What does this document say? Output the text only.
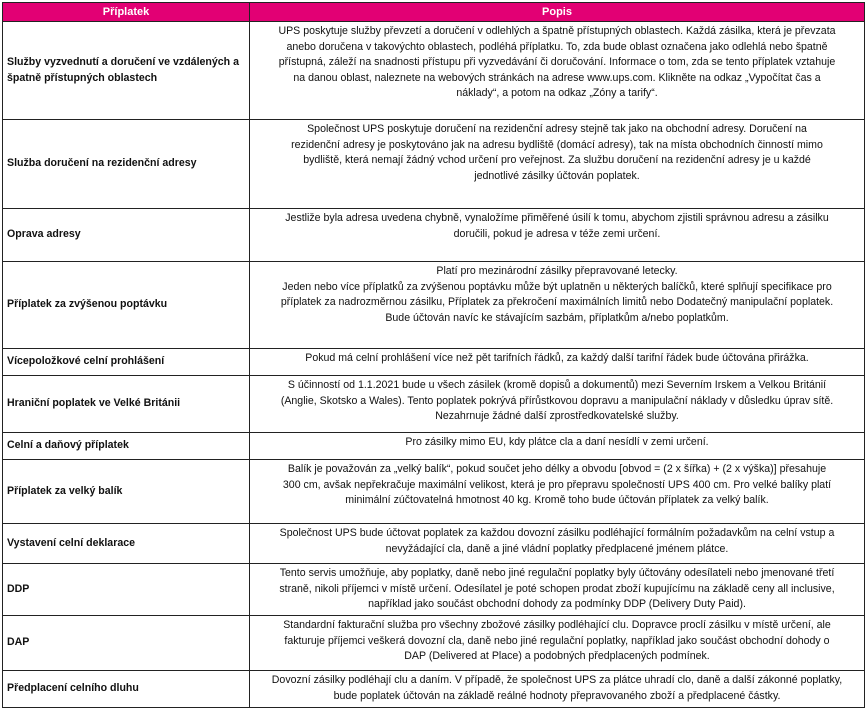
Příplatek	Popis
Služby vyzvednutí a doručení ve vzdálených a špatně přístupných oblastech	UPS poskytuje služby převzetí a doručení v odlehlých a špatně přístupných oblastech. Každá zásilka, která je převzata
anebo doručena v takovýchto oblastech, podléhá příplatku. To, zda bude oblast označena jako odlehlá nebo špatně
přístupná, záleží na snadnosti přístupu při vyzvedávání či doručování. Informace o tom, zda se tento příplatek vztahuje
na danou oblast, naleznete na webových stránkách na adrese www.ups.com. Klikněte na odkaz „Vypočítat čas a
náklady“, a potom na odkaz „Zóny a tarify“.

Služba doručení na rezidenční adresy	Společnost UPS poskytuje doručení na rezidenční adresy stejně tak jako na obchodní adresy. Doručení na
rezidenční adresy je poskytováno jak na adresu bydliště (domácí adresy), tak na místa obchodních činností mimo
bydliště, která nemají žádný vchod určení pro veřejnost. Za službu doručení na rezidenční adresy je u každé
jednotlivé zásilky účtován poplatek.

Oprava adresy	Jestliže byla adresa uvedena chybně, vynaložíme přiměřené úsilí k tomu, abychom zjistili správnou adresu a zásilku
doručili, pokud je adresa v téže zemi určení.

Příplatek za zvýšenou poptávku	Platí pro mezinárodní zásilky přepravované letecky.
Jeden nebo více příplatků za zvýšenou poptávku může být uplatněn u některých balíčků, které splňují specifikace pro
příplatek za nadrozměrnou zásilku, Příplatek za překročení maximálních limitů nebo Dodatečný manipulační poplatek.
Bude účtován navíc ke stávajícím sazbám, příplatkům a/nebo poplatkům.

Vícepoložkové celní prohlášení	Pokud má celní prohlášení více než pět tarifních řádků, za každý další tarifní řádek bude účtována přirážka.

Hraniční poplatek ve Velké Británii	S účinností od 1.1.2021 bude u všech zásilek (kromě dopisů a dokumentů) mezi Severním Irskem a Velkou Británií
(Anglie, Skotsko a Wales). Tento poplatek pokrývá přírůstkovou dopravu a manipulační náklady v důsledku úprav sítě.
Nezahrnuje žádné další zprostředkovatelské služby.

Celní a daňový příplatek	Pro zásilky mimo EU, kdy plátce cla a daní nesídlí v zemi určení.

Příplatek za velký balík	Balík je považován za „velký balík“, pokud součet jeho délky a obvodu [obvod = (2 x šířka) + (2 x výška)] přesahuje
300 cm, avšak nepřekračuje maximální velikost, která je pro přepravu společností UPS 400 cm. Pro velké balíky platí
minimální zúčtovatelná hmotnost 40 kg. Kromě toho bude účtován příplatek za velký balík.

Vystavení celní deklarace	Společnost UPS bude účtovat poplatek za každou dovozní zásilku podléhající formálním požadavkům na celní vstup a
nevyžádající cla, daně a jiné vládní poplatky předplacené jménem plátce.

DDP	Tento servis umožňuje, aby poplatky, daně nebo jiné regulační poplatky byly účtovány odesílateli nebo jmenované třetí
straně, nikoli příjemci v místě určení. Odesílatel je poté schopen prodat zboží kupujícímu na základě ceny all inclusive,
například jako součást obchodní dohody za podmínky DDP (Delivery Duty Paid).

DAP	Standardní fakturační služba pro všechny zbožové zásilky podléhající clu. Dopravce proclí zásilku v místě určení, ale
fakturuje příjemci veškerá dovozní cla, daně nebo jiné regulační poplatky, například jako součást obchodní dohody o
DAP (Delivered at Place) a podobných předplacených podmínek.

Předplacení celního dluhu	Dovozní zásilky podléhají clu a daním. V případě, že společnost UPS za plátce uhradí clo, daně a další zákonné poplatky,
bude poplatek účtován na základě reálné hodnoty přepravovaného zboží a předplacené částky.
